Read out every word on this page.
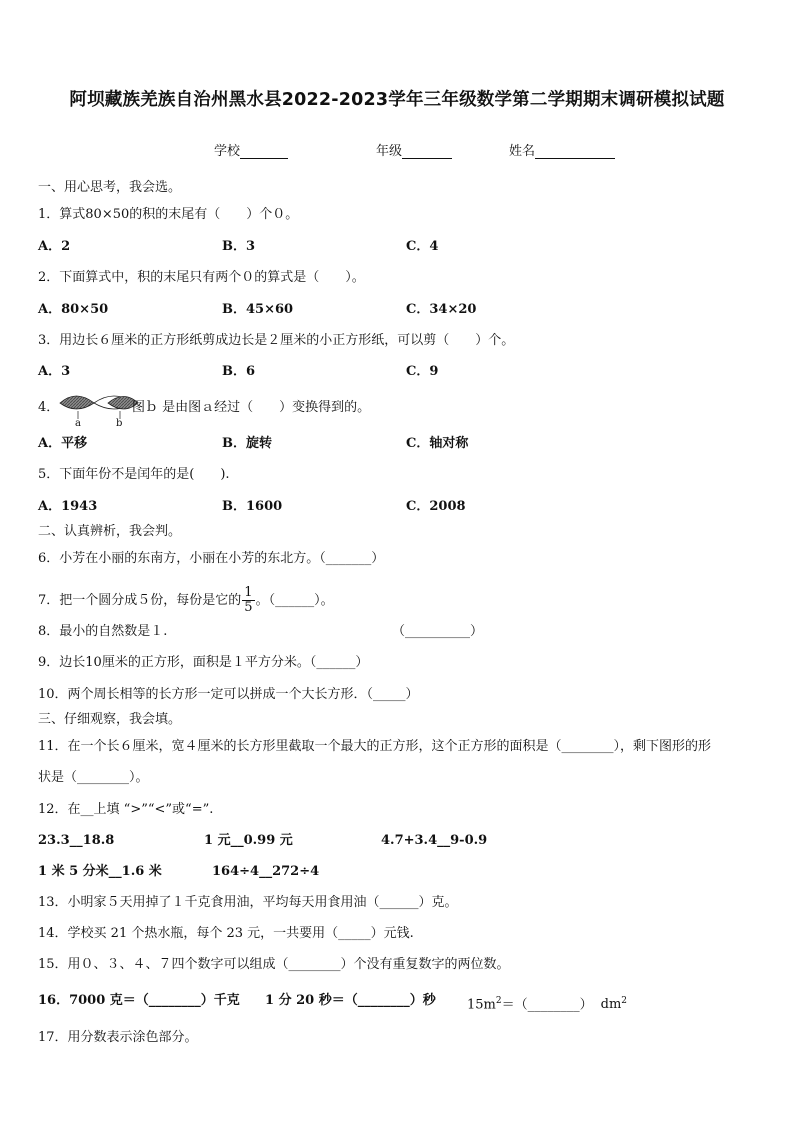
阿坝藏族羌族自治州黑水县2022-2023学年三年级数学第二学期期末调研模拟试题
学校	年级	姓名
一、用心思考，我会选。
1．算式80×50的积的末尾有（　　）个０。
A．2	B．3	C．4
2．下面算式中，积的末尾只有两个０的算式是（　　）。
A．80×50	B．45×60	C．34×20
3．用边长６厘米的正方形纸剪成边长是２厘米的小正方形纸，可以剪（　　）个。
A．3	B．6	C．9
4．
a	b
图ｂ 是由图ａ经过（　　）变换得到的。
A．平移	B．旋转	C．轴对称
5．下面年份不是闰年的是(　　).
A．1943	B．1600	C．2008
二、认真辨析，我会判。
6．小芳在小丽的东南方，小丽在小芳的东北方。（_______）
7．把一个圆分成５份，每份是它的 $\frac{1}{5}$ 。（______）。
8．最小的自然数是１.	（__________）
9．边长10厘米的正方形，面积是１平方分米。（______）
10．两个周长相等的长方形一定可以拼成一个大长方形．（_____）
三、仔细观察，我会填。
11．在一个长６厘米，宽４厘米的长方形里截取一个最大的正方形，这个正方形的面积是（________），剩下图形的形
状是（________）。
12．在__上填 “>”“<”或“=”.
23.3__18.8	1 元__0.99 元	4.7+3.4__9-0.9
1 米 5 分米__1.6 米	164÷4__272÷4
13．小明家５天用掉了１千克食用油，平均每天用食用油（______）克。
14．学校买 21 个热水瓶，每个 23 元，一共要用（_____）元钱.
15．用０、３、４、７四个数字可以组成（________）个没有重复数字的两位数。
16．7000 克＝（________）千克 1 分 20 秒＝（________）秒 $15m^2=(\_\_\_\_\_\_\_\_)$ $dm^2$
17．用分数表示涂色部分。
